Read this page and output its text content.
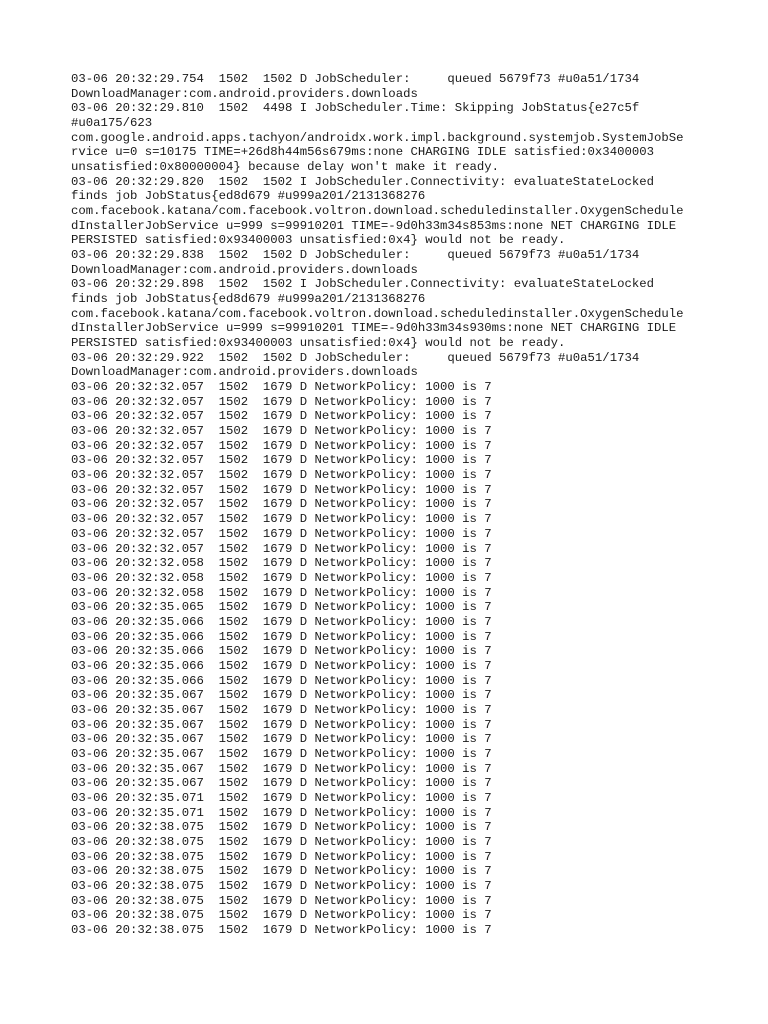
03-06 20:32:29.754  1502  1502 D JobScheduler:     queued 5679f73 #u0a51/1734
DownloadManager:com.android.providers.downloads
03-06 20:32:29.810  1502  4498 I JobScheduler.Time: Skipping JobStatus{e27c5f
#u0a175/623
com.google.android.apps.tachyon/androidx.work.impl.background.systemjob.SystemJobSe
rvice u=0 s=10175 TIME=+26d8h44m56s679ms:none CHARGING IDLE satisfied:0x3400003
unsatisfied:0x80000004} because delay won't make it ready.
03-06 20:32:29.820  1502  1502 I JobScheduler.Connectivity: evaluateStateLocked
finds job JobStatus{ed8d679 #u999a201/2131368276
com.facebook.katana/com.facebook.voltron.download.scheduledinstaller.OxygenSchedule
dInstallerJobService u=999 s=99910201 TIME=-9d0h33m34s853ms:none NET CHARGING IDLE
PERSISTED satisfied:0x93400003 unsatisfied:0x4} would not be ready.
03-06 20:32:29.838  1502  1502 D JobScheduler:     queued 5679f73 #u0a51/1734
DownloadManager:com.android.providers.downloads
03-06 20:32:29.898  1502  1502 I JobScheduler.Connectivity: evaluateStateLocked
finds job JobStatus{ed8d679 #u999a201/2131368276
com.facebook.katana/com.facebook.voltron.download.scheduledinstaller.OxygenSchedule
dInstallerJobService u=999 s=99910201 TIME=-9d0h33m34s930ms:none NET CHARGING IDLE
PERSISTED satisfied:0x93400003 unsatisfied:0x4} would not be ready.
03-06 20:32:29.922  1502  1502 D JobScheduler:     queued 5679f73 #u0a51/1734
DownloadManager:com.android.providers.downloads
03-06 20:32:32.057  1502  1679 D NetworkPolicy: 1000 is 7
03-06 20:32:32.057  1502  1679 D NetworkPolicy: 1000 is 7
03-06 20:32:32.057  1502  1679 D NetworkPolicy: 1000 is 7
03-06 20:32:32.057  1502  1679 D NetworkPolicy: 1000 is 7
03-06 20:32:32.057  1502  1679 D NetworkPolicy: 1000 is 7
03-06 20:32:32.057  1502  1679 D NetworkPolicy: 1000 is 7
03-06 20:32:32.057  1502  1679 D NetworkPolicy: 1000 is 7
03-06 20:32:32.057  1502  1679 D NetworkPolicy: 1000 is 7
03-06 20:32:32.057  1502  1679 D NetworkPolicy: 1000 is 7
03-06 20:32:32.057  1502  1679 D NetworkPolicy: 1000 is 7
03-06 20:32:32.057  1502  1679 D NetworkPolicy: 1000 is 7
03-06 20:32:32.057  1502  1679 D NetworkPolicy: 1000 is 7
03-06 20:32:32.058  1502  1679 D NetworkPolicy: 1000 is 7
03-06 20:32:32.058  1502  1679 D NetworkPolicy: 1000 is 7
03-06 20:32:32.058  1502  1679 D NetworkPolicy: 1000 is 7
03-06 20:32:35.065  1502  1679 D NetworkPolicy: 1000 is 7
03-06 20:32:35.066  1502  1679 D NetworkPolicy: 1000 is 7
03-06 20:32:35.066  1502  1679 D NetworkPolicy: 1000 is 7
03-06 20:32:35.066  1502  1679 D NetworkPolicy: 1000 is 7
03-06 20:32:35.066  1502  1679 D NetworkPolicy: 1000 is 7
03-06 20:32:35.066  1502  1679 D NetworkPolicy: 1000 is 7
03-06 20:32:35.067  1502  1679 D NetworkPolicy: 1000 is 7
03-06 20:32:35.067  1502  1679 D NetworkPolicy: 1000 is 7
03-06 20:32:35.067  1502  1679 D NetworkPolicy: 1000 is 7
03-06 20:32:35.067  1502  1679 D NetworkPolicy: 1000 is 7
03-06 20:32:35.067  1502  1679 D NetworkPolicy: 1000 is 7
03-06 20:32:35.067  1502  1679 D NetworkPolicy: 1000 is 7
03-06 20:32:35.067  1502  1679 D NetworkPolicy: 1000 is 7
03-06 20:32:35.071  1502  1679 D NetworkPolicy: 1000 is 7
03-06 20:32:35.071  1502  1679 D NetworkPolicy: 1000 is 7
03-06 20:32:38.075  1502  1679 D NetworkPolicy: 1000 is 7
03-06 20:32:38.075  1502  1679 D NetworkPolicy: 1000 is 7
03-06 20:32:38.075  1502  1679 D NetworkPolicy: 1000 is 7
03-06 20:32:38.075  1502  1679 D NetworkPolicy: 1000 is 7
03-06 20:32:38.075  1502  1679 D NetworkPolicy: 1000 is 7
03-06 20:32:38.075  1502  1679 D NetworkPolicy: 1000 is 7
03-06 20:32:38.075  1502  1679 D NetworkPolicy: 1000 is 7
03-06 20:32:38.075  1502  1679 D NetworkPolicy: 1000 is 7
